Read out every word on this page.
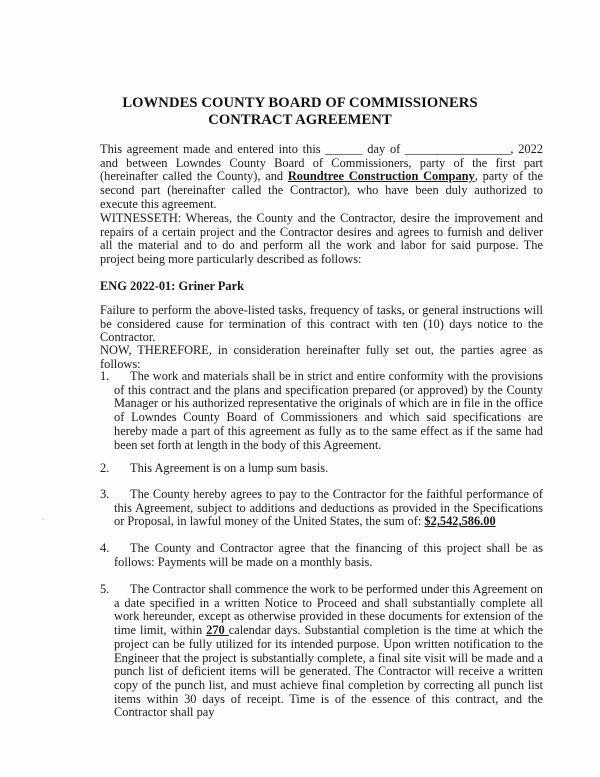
LOWNDES COUNTY BOARD OF COMMISSIONERS
CONTRACT AGREEMENT
This agreement made and entered into this ______ day of _________________, 2022 and between Lowndes County Board of Commissioners, party of the first part (hereinafter called the County), and Roundtree Construction Company, party of the second part (hereinafter called the Contractor), who have been duly authorized to execute this agreement.
WITNESSETH: Whereas, the County and the Contractor, desire the improvement and repairs of a certain project and the Contractor desires and agrees to furnish and deliver all the material and to do and perform all the work and labor for said purpose. The project being more particularly described as follows:
ENG 2022-01: Griner Park
Failure to perform the above-listed tasks, frequency of tasks, or general instructions will be considered cause for termination of this contract with ten (10) days notice to the Contractor.
NOW, THEREFORE, in consideration hereinafter fully set out, the parties agree as follows:
1.	The work and materials shall be in strict and entire conformity with the provisions of this contract and the plans and specification prepared (or approved) by the County Manager or his authorized representative the originals of which are in file in the office of Lowndes County Board of Commissioners and which said specifications are hereby made a part of this agreement as fully as to the same effect as if the same had been set forth at length in the body of this Agreement.
2.	This Agreement is on a lump sum basis.
3.	The County hereby agrees to pay to the Contractor for the faithful performance of this Agreement, subject to additions and deductions as provided in the Specifications or Proposal, in lawful money of the United States, the sum of: $2,542,586.00
4.	The County and Contractor agree that the financing of this project shall be as follows: Payments will be made on a monthly basis.
5.	The Contractor shall commence the work to be performed under this Agreement on a date specified in a written Notice to Proceed and shall substantially complete all work hereunder, except as otherwise provided in these documents for extension of the time limit, within 270 calendar days. Substantial completion is the time at which the project can be fully utilized for its intended purpose. Upon written notification to the Engineer that the project is substantially complete, a final site visit will be made and a punch list of deficient items will be generated. The Contractor will receive a written copy of the punch list, and must achieve final completion by correcting all punch list items within 30 days of receipt. Time is of the essence of this contract, and the Contractor shall pay
